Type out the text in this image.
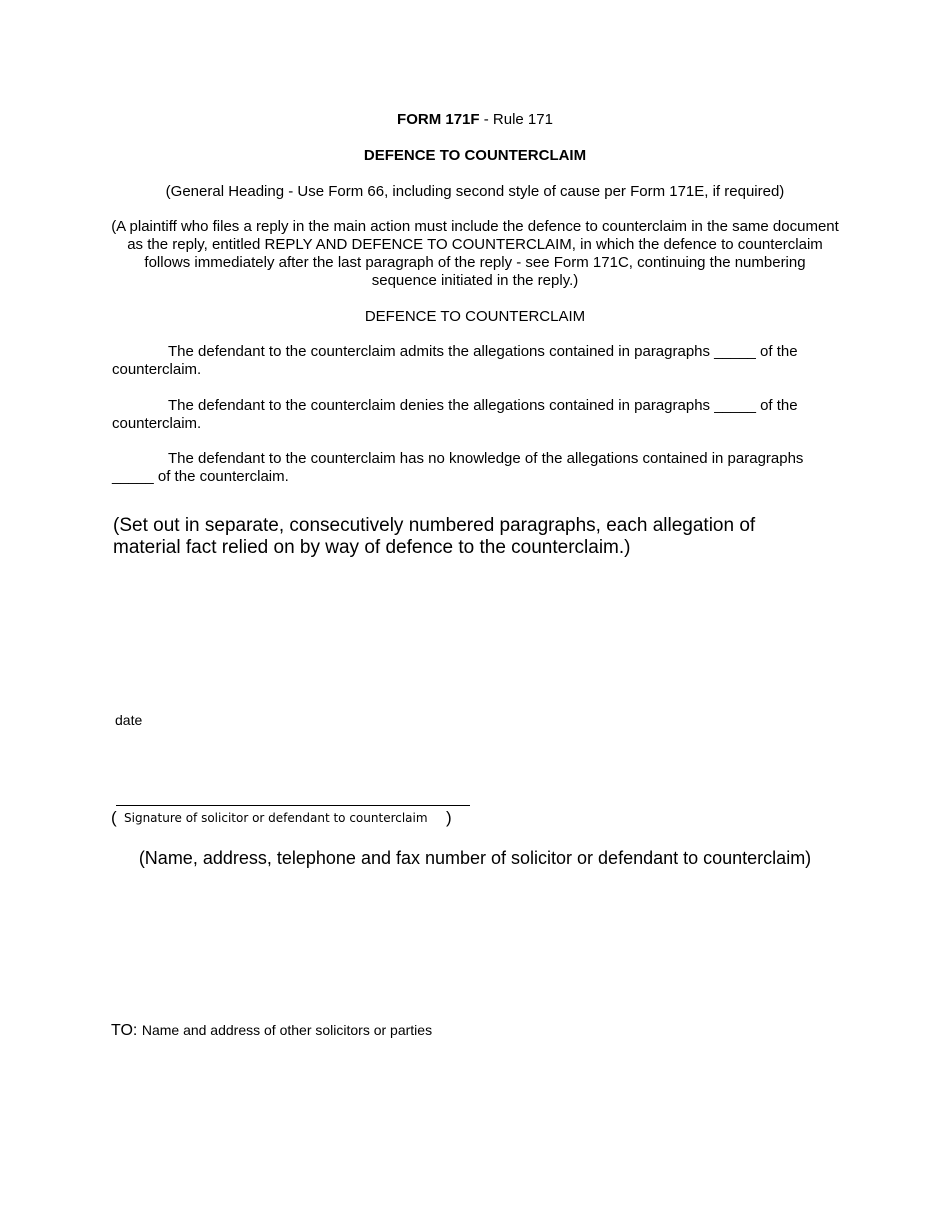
FORM 171F - Rule 171
DEFENCE TO COUNTERCLAIM
(General Heading - Use Form 66, including second style of cause per Form 171E, if required)
(A plaintiff who files a reply in the main action must include the defence to counterclaim in the same document as the reply, entitled REPLY AND DEFENCE TO COUNTERCLAIM, in which the defence to counterclaim follows immediately after the last paragraph of the reply - see Form 171C, continuing the numbering sequence initiated in the reply.)
DEFENCE TO COUNTERCLAIM
The defendant to the counterclaim admits the allegations contained in paragraphs _____ of the counterclaim.
The defendant to the counterclaim denies the allegations contained in paragraphs _____ of the counterclaim.
The defendant to the counterclaim has no knowledge of the allegations contained in paragraphs _____ of the counterclaim.
(Set out in separate, consecutively numbered paragraphs, each allegation of material fact relied on by way of defence to the counterclaim.)
date
( Signature of solicitor or defendant to counterclaim )
(Name, address, telephone and fax number of solicitor or defendant to counterclaim)
TO: Name and address of other solicitors or parties
